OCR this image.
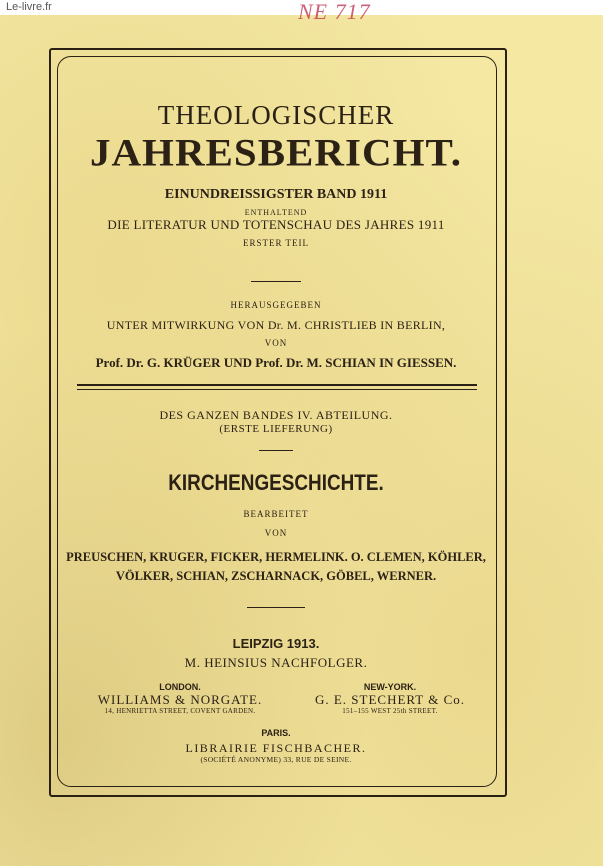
Le-livre.fr	NE 717
THEOLOGISCHER
JAHRESBERICHT.
EINUNDREISSIGSTER BAND 1911
ENTHALTEND
DIE LITERATUR UND TOTENSCHAU DES JAHRES 1911
ERSTER TEIL
HERAUSGEGEBEN
UNTER MITWIRKUNG VON Dr. M. CHRISTLIEB IN BERLIN,
VON
Prof. Dr. G. KRÜGER UND Prof. Dr. M. SCHIAN IN GIESSEN.
DES GANZEN BANDES IV. ABTEILUNG.
(ERSTE LIEFERUNG)
KIRCHENGESCHICHTE.
BEARBEITET
VON
PREUSCHEN, KRUGER, FICKER, HERMELINK. O. CLEMEN, KÖHLER,
VÖLKER, SCHIAN, ZSCHARNACK, GÖBEL, WERNER.
LEIPZIG 1913.
M. HEINSIUS NACHFOLGER.
LONDON.
WILLIAMS & NORGATE.
14, HENRIETTA STREET, COVENT GARDEN.
NEW-YORK.
G. E. STECHERT & Co.
151–155 WEST 25th STREET.
PARIS.
LIBRAIRIE FISCHBACHER.
(SOCIÉTÉ ANONYME) 33, RUE DE SEINE.
